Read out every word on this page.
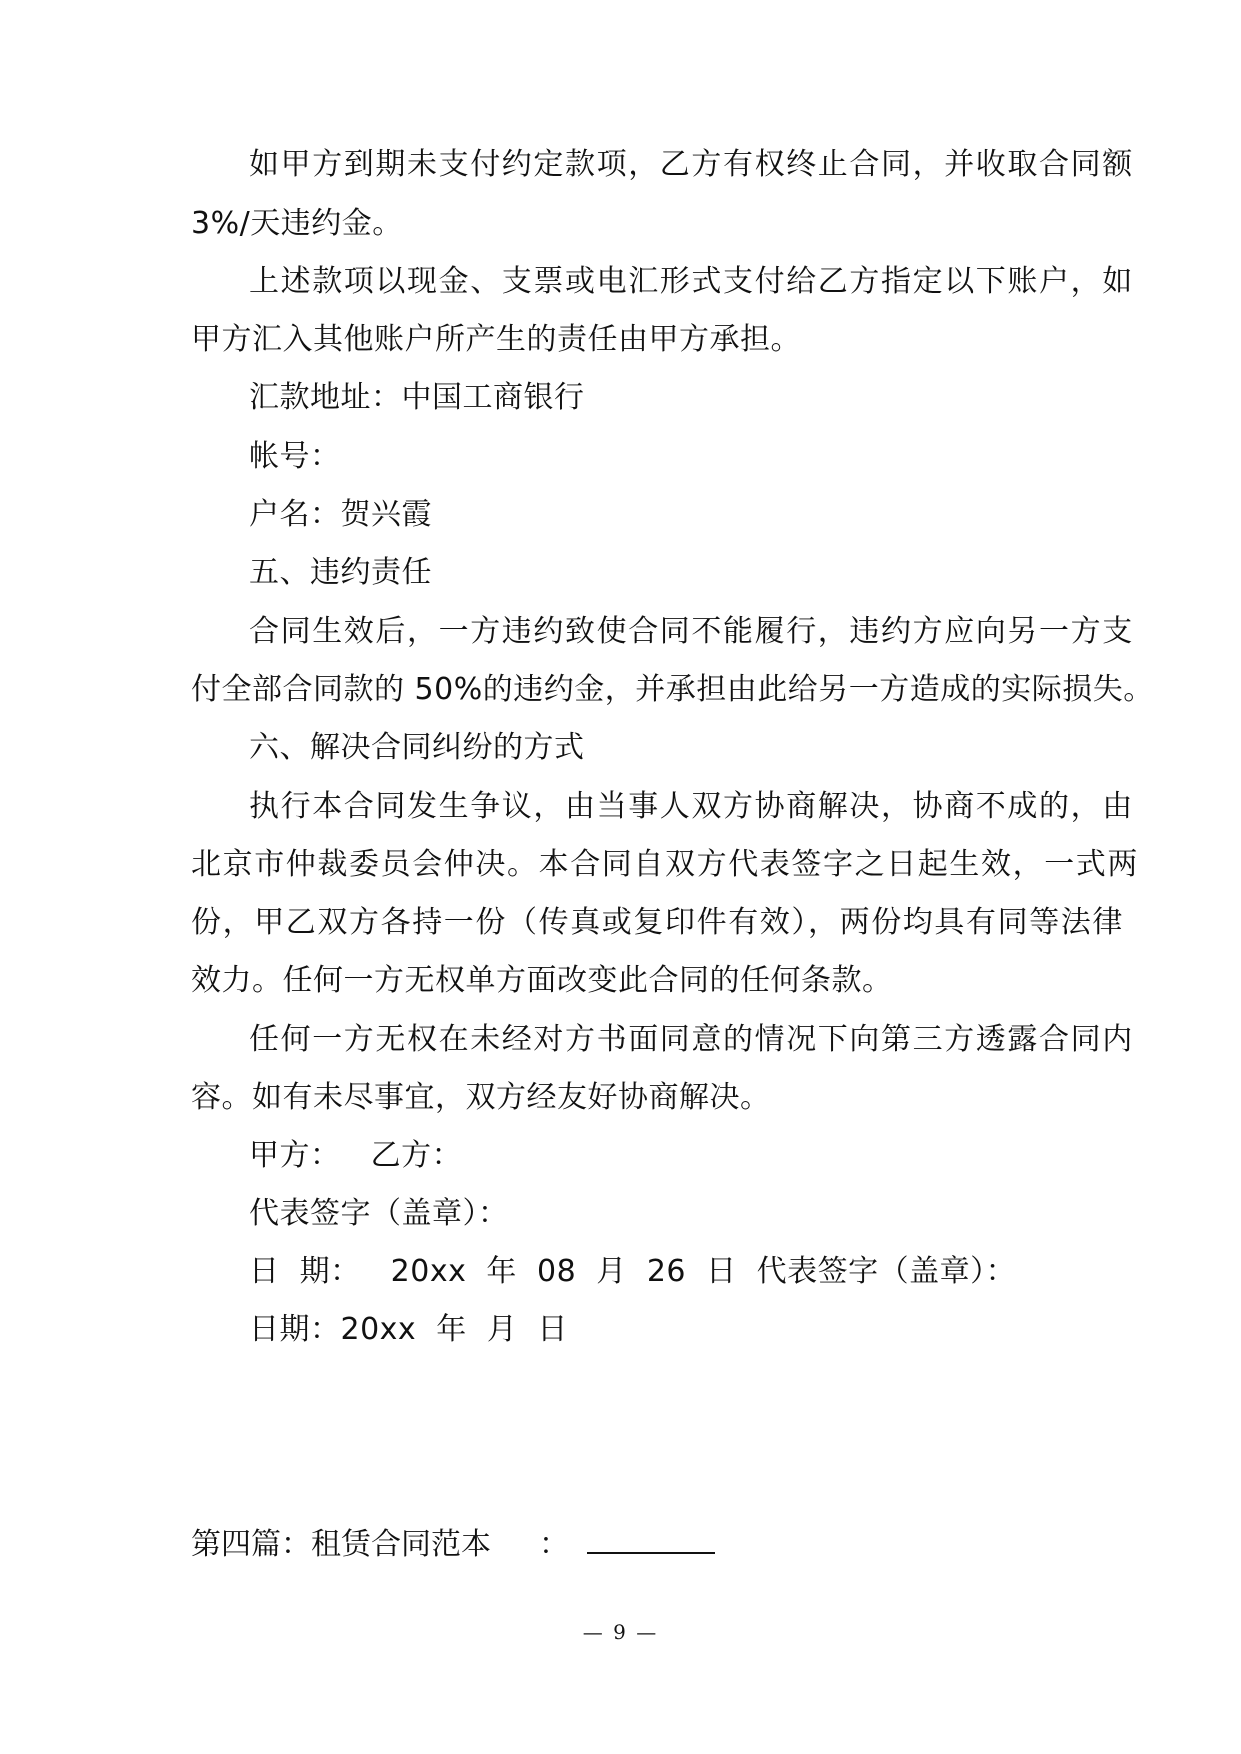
如甲方到期未支付约定款项，乙方有权终止合同，并收取合同额
3%/天违约金。
上述款项以现金、支票或电汇形式支付给乙方指定以下账户，如
甲方汇入其他账户所产生的责任由甲方承担。
汇款地址：中国工商银行
帐号：
户名：贺兴霞
五、违约责任
合同生效后，一方违约致使合同不能履行，违约方应向另一方支
付全部合同款的 50%的违约金，并承担由此给另一方造成的实际损失。
六、解决合同纠纷的方式
执行本合同发生争议，由当事人双方协商解决，协商不成的，由
北京市仲裁委员会仲决。本合同自双方代表签字之日起生效，一式两
份，甲乙双方各持一份（传真或复印件有效），两份均具有同等法律
效力。任何一方无权单方面改变此合同的任何条款。
任何一方无权在未经对方书面同意的情况下向第三方透露合同内
容。如有未尽事宜，双方经友好协商解决。
甲方：   乙方：
代表签字（盖章）：
日  期：   20xx  年  08  月  26  日  代表签字（盖章）：
日期：20xx  年  月  日
第四篇：租赁合同范本 ：
— 9 —
